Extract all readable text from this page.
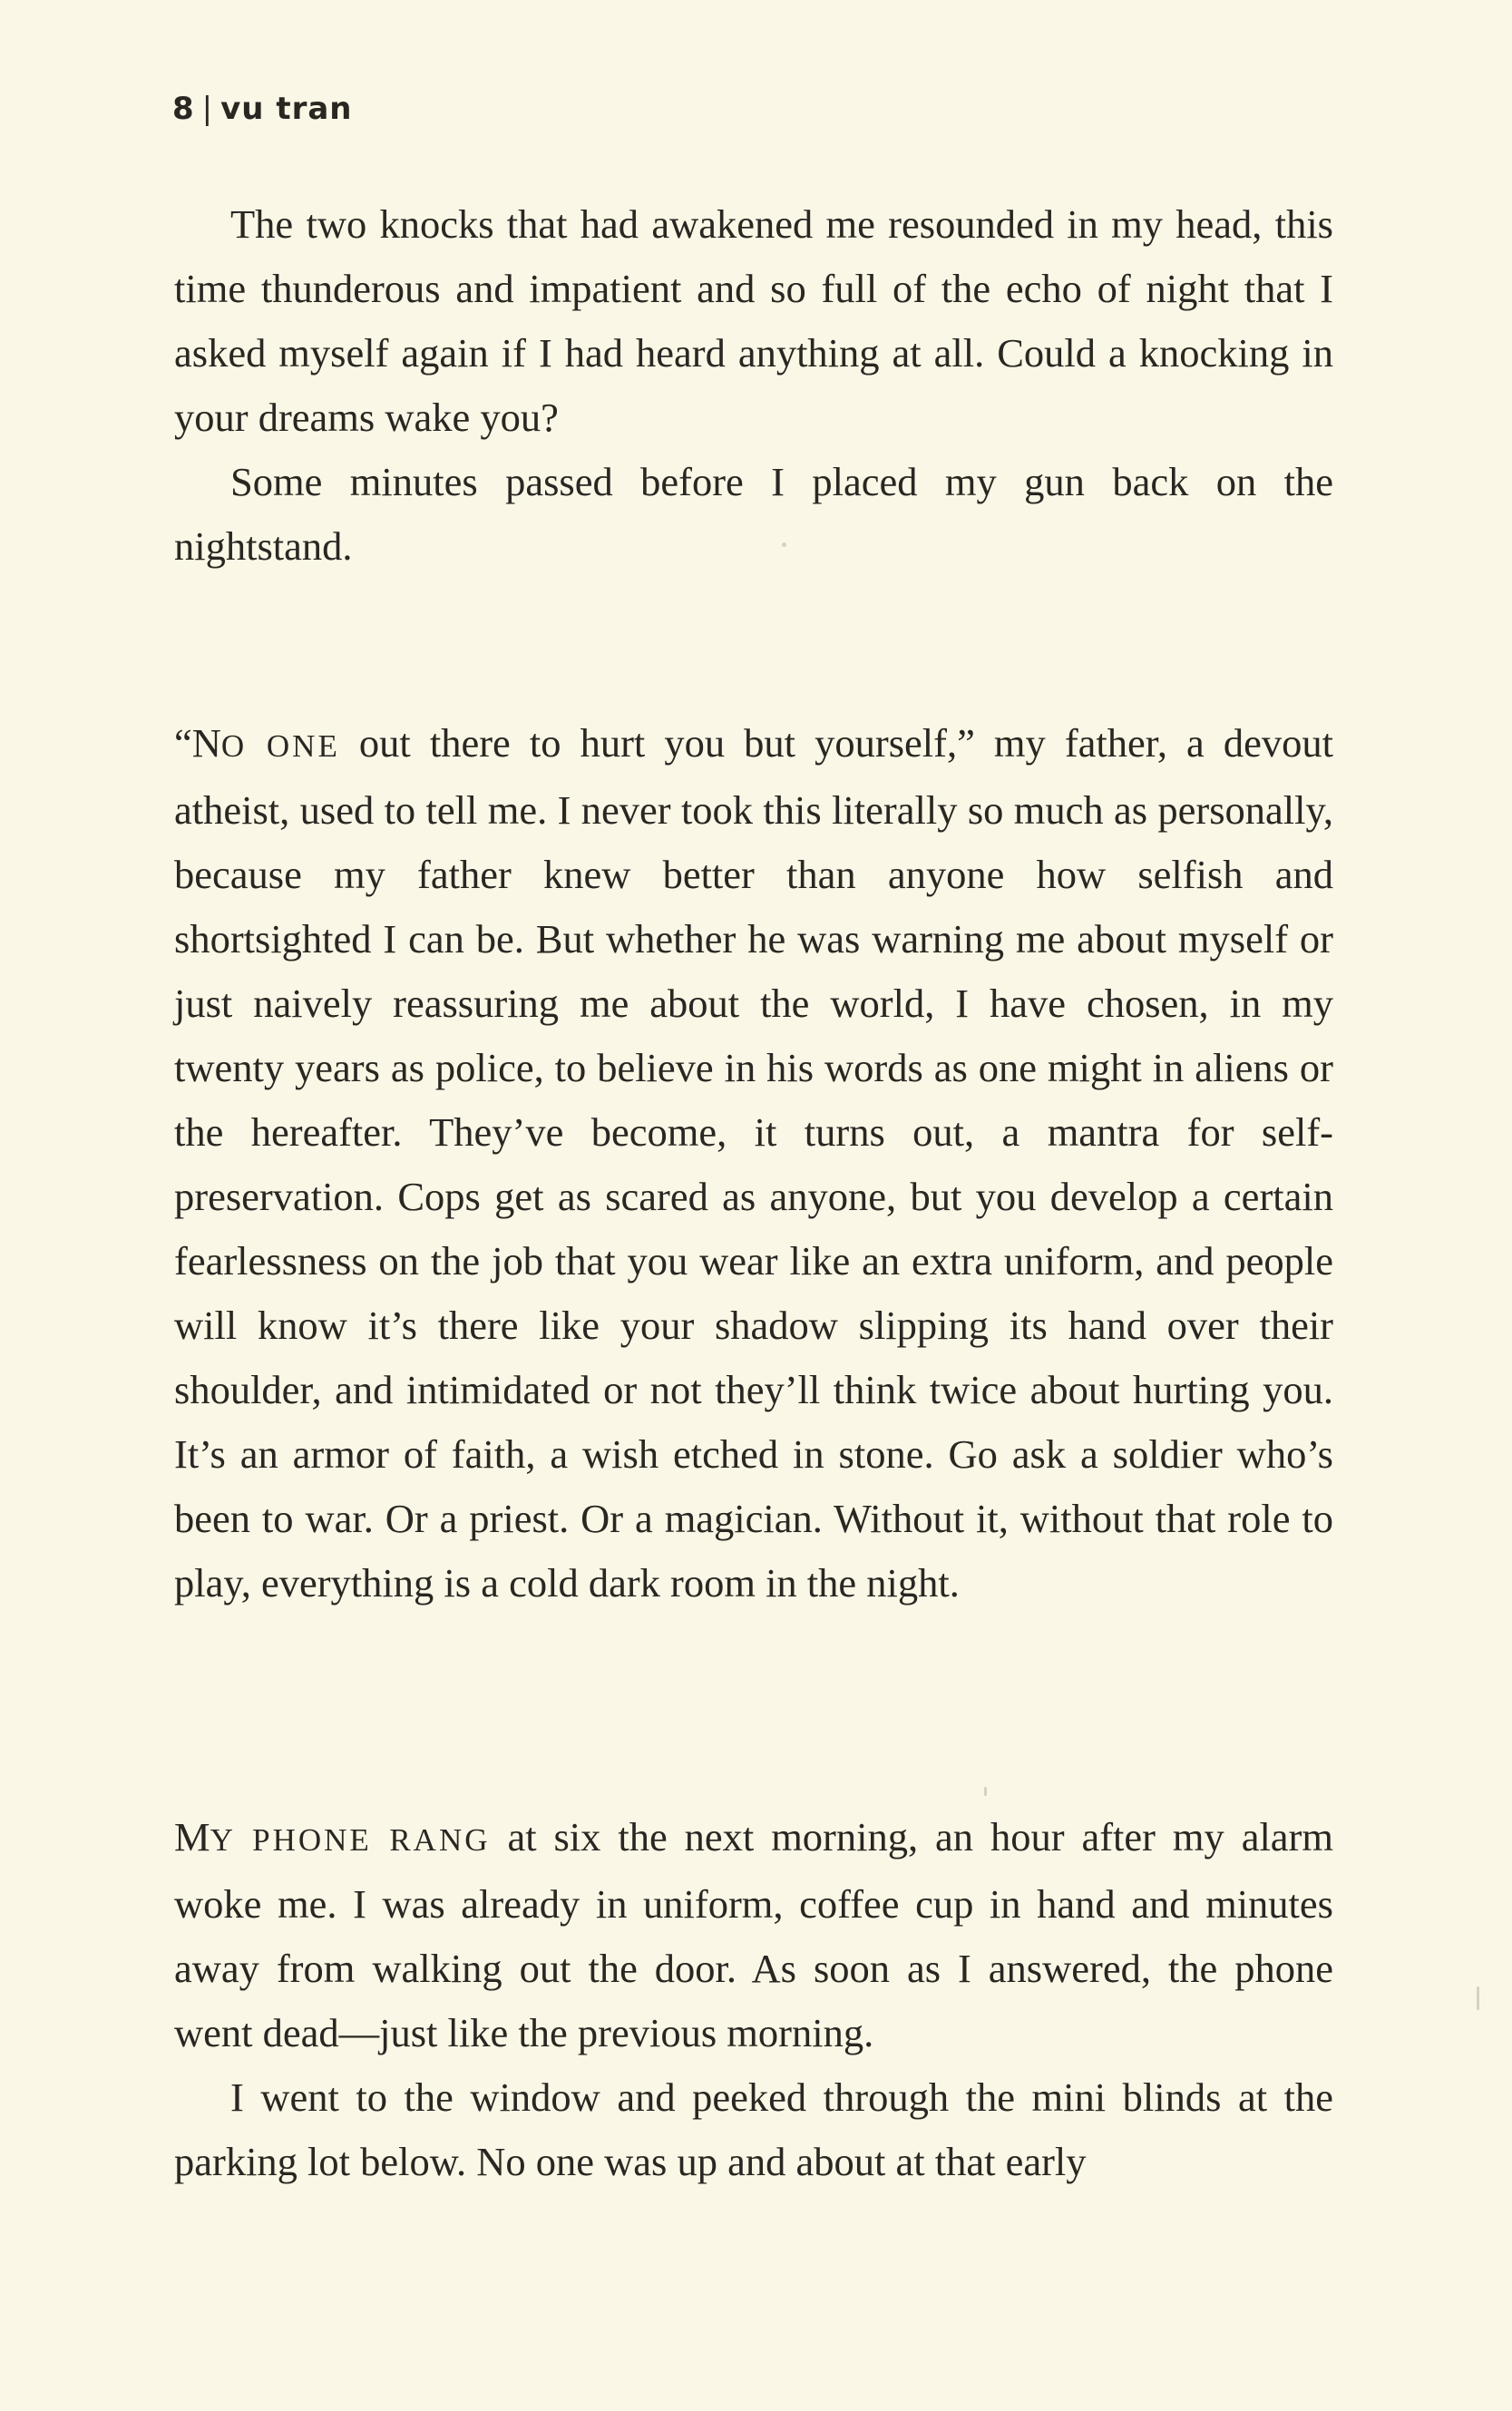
8 | vu tran

The two knocks that had awakened me resounded in my head, this time thunderous and impatient and so full of the echo of night that I asked myself again if I had heard anything at all. Could a knocking in your dreams wake you?

Some minutes passed before I placed my gun back on the nightstand.

“NO ONE out there to hurt you but yourself,” my father, a devout atheist, used to tell me. I never took this literally so much as personally, because my father knew better than anyone how selfish and shortsighted I can be. But whether he was warning me about myself or just naively reassuring me about the world, I have chosen, in my twenty years as police, to believe in his words as one might in aliens or the hereafter. They’ve become, it turns out, a mantra for self-preservation. Cops get as scared as anyone, but you develop a certain fearlessness on the job that you wear like an extra uniform, and people will know it’s there like your shadow slipping its hand over their shoulder, and intimidated or not they’ll think twice about hurting you. It’s an armor of faith, a wish etched in stone. Go ask a soldier who’s been to war. Or a priest. Or a magician. Without it, without that role to play, everything is a cold dark room in the night.

MY PHONE RANG at six the next morning, an hour after my alarm woke me. I was already in uniform, coffee cup in hand and minutes away from walking out the door. As soon as I answered, the phone went dead—just like the previous morning.

I went to the window and peeked through the mini blinds at the parking lot below. No one was up and about at that early
